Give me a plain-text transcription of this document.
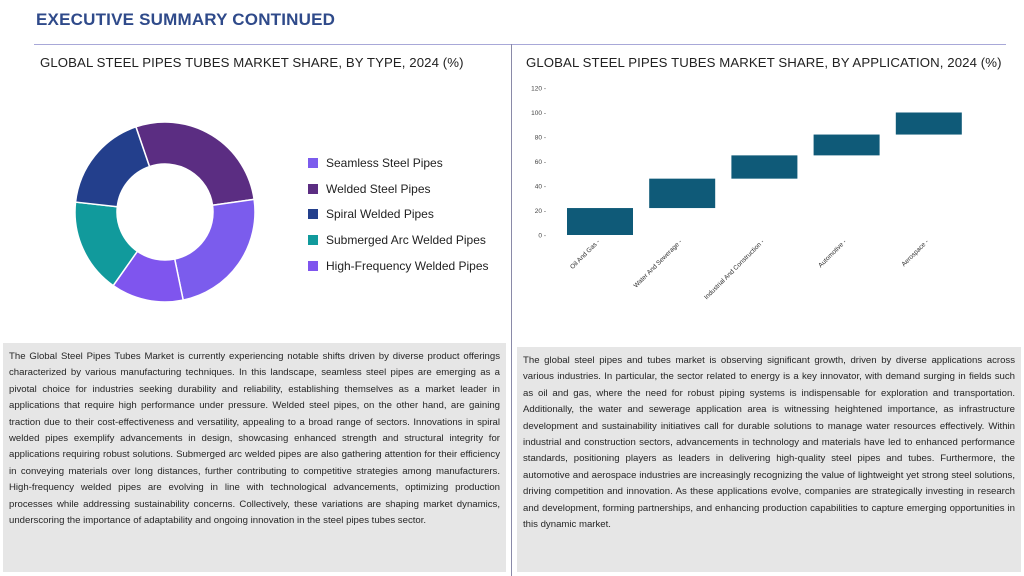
EXECUTIVE SUMMARY CONTINUED
GLOBAL STEEL PIPES TUBES MARKET SHARE, BY TYPE, 2024 (%)	GLOBAL STEEL PIPES TUBES MARKET SHARE, BY APPLICATION, 2024 (%)
Seamless Steel Pipes
Welded Steel Pipes
Spiral Welded Pipes
Submerged Arc Welded Pipes
High-Frequency Welded Pipes
0 -
20 -
40 -
60 -
80 -
100 -
120 -
Oil And Gas -	Water And Sewerage -	Industrial And Construction -	Automotive -	Aerospace -

The Global Steel Pipes Tubes Market is currently experiencing notable shifts driven by diverse product offerings characterized by various manufacturing techniques. In this landscape, seamless steel pipes are emerging as a pivotal choice for industries seeking durability and reliability, establishing themselves as a market leader in applications that require high performance under pressure. Welded steel pipes, on the other hand, are gaining traction due to their cost-effectiveness and versatility, appealing to a broad range of sectors. Innovations in spiral welded pipes exemplify advancements in design, showcasing enhanced strength and structural integrity for applications requiring robust solutions. Submerged arc welded pipes are also gathering attention for their efficiency in conveying materials over long distances, further contributing to competitive strategies among manufacturers. High-frequency welded pipes are evolving in line with technological advancements, optimizing production processes while addressing sustainability concerns. Collectively, these variations are shaping market dynamics, underscoring the importance of adaptability and ongoing innovation in the steel pipes tubes sector.

The global steel pipes and tubes market is observing significant growth, driven by diverse applications across various industries. In particular, the sector related to energy is a key innovator, with demand surging in fields such as oil and gas, where the need for robust piping systems is indispensable for exploration and transportation. Additionally, the water and sewerage application area is witnessing heightened importance, as infrastructure development and sustainability initiatives call for durable solutions to manage water resources effectively. Within industrial and construction sectors, advancements in technology and materials have led to enhanced performance standards, positioning players as leaders in delivering high-quality steel pipes and tubes. Furthermore, the automotive and aerospace industries are increasingly recognizing the value of lightweight yet strong steel solutions, driving competition and innovation. As these applications evolve, companies are strategically investing in research and development, forming partnerships, and enhancing production capabilities to capture emerging opportunities in this dynamic market.
